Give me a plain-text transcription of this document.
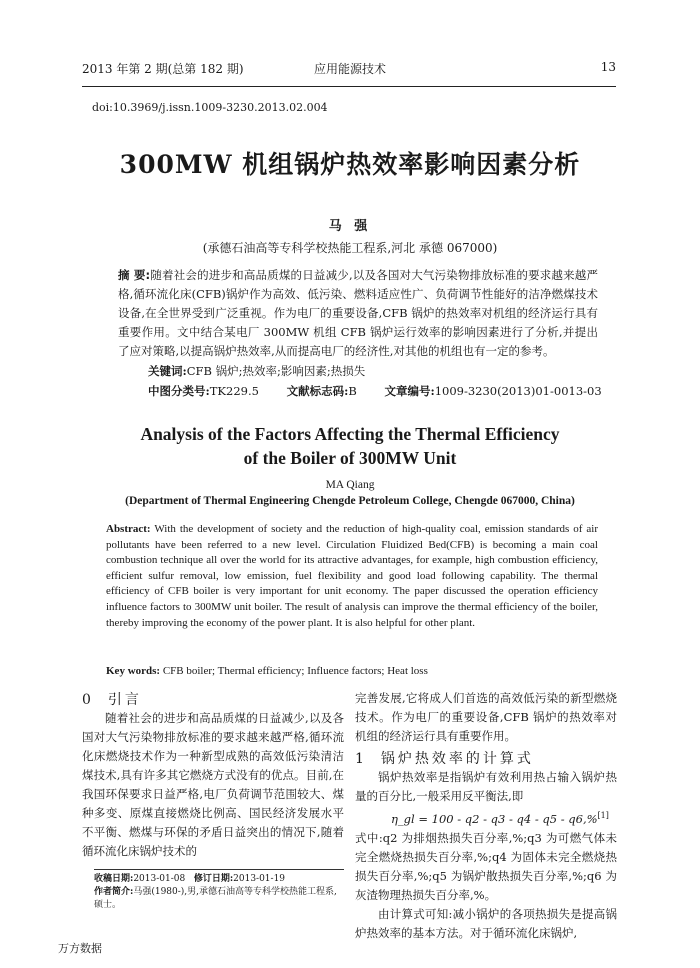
2013 年第 2 期(总第 182 期)	应用能源技术	13
doi:10.3969/j.issn.1009-3230.2013.02.004
300MW 机组锅炉热效率影响因素分析
马 强
(承德石油高等专科学校热能工程系,河北 承德 067000)
摘 要:随着社会的进步和高品质煤的日益减少,以及各国对大气污染物排放标准的要求越来越严格,循环流化床(CFB)锅炉作为高效、低污染、燃料适应性广、负荷调节性能好的洁净燃煤技术设备,在全世界受到广泛重视。作为电厂的重要设备,CFB 锅炉的热效率对机组的经济运行具有重要作用。文中结合某电厂 300MW 机组 CFB 锅炉运行效率的影响因素进行了分析,并提出了应对策略,以提高锅炉热效率,从而提高电厂的经济性,对其他的机组也有一定的参考。
关键词:CFB 锅炉;热效率;影响因素;热损失
中图分类号:TK229.5 文献标志码:B 文章编号:1009-3230(2013)01-0013-03
Analysis of the Factors Affecting the Thermal Efficiency
of the Boiler of 300MW Unit
MA Qiang
(Department of Thermal Engineering Chengde Petroleum College, Chengde 067000, China)
Abstract: With the development of society and the reduction of high-quality coal, emission standards of air pollutants have been referred to a new level. Circulation Fluidized Bed(CFB) is becoming a main coal combustion technique all over the world for its attractive advantages, for example, high combustion efficiency, efficient sulfur removal, low emission, fuel flexibility and good load following capability. The thermal efficiency of CFB boiler is very important for unit economy. The paper discussed the operation efficiency influence factors to 300MW unit boiler. The result of analysis can improve the thermal efficiency of the boiler, thereby improving the economy of the power plant. It is also helpful for other plant.
Key words: CFB boiler; Thermal efficiency; Influence factors; Heat loss
0 引言

随着社会的进步和高品质煤的日益减少,以及各国对大气污染物排放标准的要求越来越严格,循环流化床燃烧技术作为一种新型成熟的高效低污染清洁煤技术,具有许多其它燃烧方式没有的优点。目前,在我国环保要求日益严格,电厂负荷调节范围较大、煤种多变、原煤直接燃烧比例高、国民经济发展水平不平衡、燃煤与环保的矛盾日益突出的情况下,随着循环流化床锅炉技术的

完善发展,它将成人们首选的高效低污染的新型燃烧技术。作为电厂的重要设备,CFB 锅炉的热效率对机组的经济运行具有重要作用。

1 锅炉热效率的计算式

锅炉热效率是指锅炉有效利用热占输入锅炉热量的百分比,一般采用反平衡法,即

η_gl = 100 - q2 - q3 - q4 - q5 - q6,%[1]

式中:q2 为排烟热损失百分率,%;q3 为可燃气体未完全燃烧热损失百分率,%;q4 为固体未完全燃烧热损失百分率,%;q5 为锅炉散热损失百分率,%;q6 为灰渣物理热损失百分率,%。

由计算式可知:减小锅炉的各项热损失是提高锅炉热效率的基本方法。对于循环流化床锅炉,

收稿日期:2013-01-08 修订日期:2013-01-19

作者简介:马强(1980-),男,承德石油高等专科学校热能工程系,硕士。

万方数据
